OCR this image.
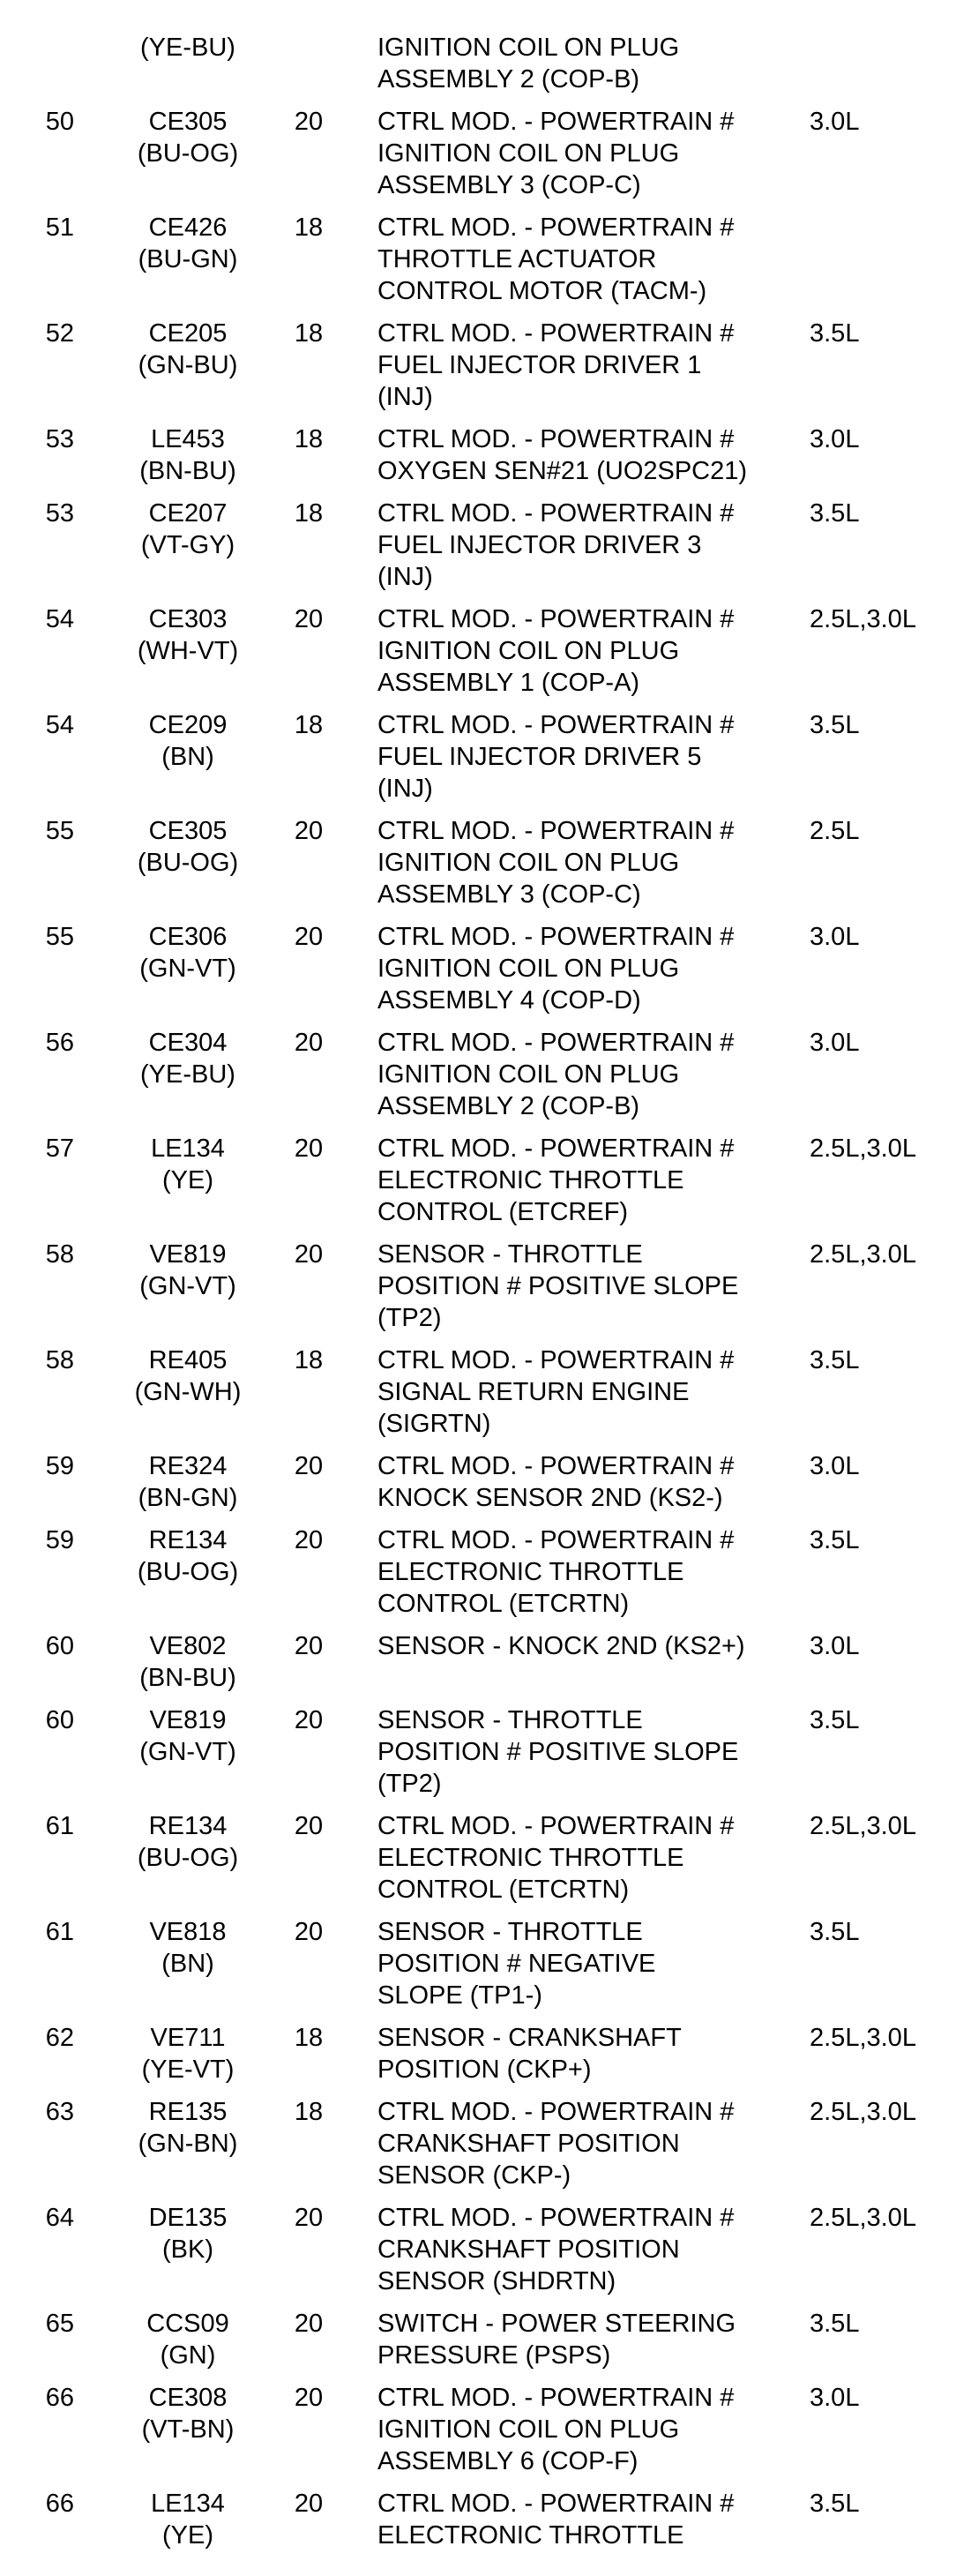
(YE-BU)	IGNITION COIL ON PLUG
ASSEMBLY 2 (COP-B)
50	CE305
(BU-OG)
20	CTRL MOD. - POWERTRAIN #
IGNITION COIL ON PLUG
ASSEMBLY 3 (COP-C)
3.0L
51	CE426
(BU-GN)
18	CTRL MOD. - POWERTRAIN #
THROTTLE ACTUATOR
CONTROL MOTOR (TACM-)
52	CE205
(GN-BU)
18	CTRL MOD. - POWERTRAIN #
FUEL INJECTOR DRIVER 1
(INJ)
3.5L
53	LE453
(BN-BU)
18	CTRL MOD. - POWERTRAIN #
OXYGEN SEN#21 (UO2SPC21)
3.0L
53	CE207
(VT-GY)
18	CTRL MOD. - POWERTRAIN #
FUEL INJECTOR DRIVER 3
(INJ)
3.5L
54	CE303
(WH-VT)
20	CTRL MOD. - POWERTRAIN #
IGNITION COIL ON PLUG
ASSEMBLY 1 (COP-A)
2.5L,3.0L
54	CE209
(BN)
18	CTRL MOD. - POWERTRAIN #
FUEL INJECTOR DRIVER 5
(INJ)
3.5L
55	CE305
(BU-OG)
20	CTRL MOD. - POWERTRAIN #
IGNITION COIL ON PLUG
ASSEMBLY 3 (COP-C)
2.5L
55	CE306
(GN-VT)
20	CTRL MOD. - POWERTRAIN #
IGNITION COIL ON PLUG
ASSEMBLY 4 (COP-D)
3.0L
56	CE304
(YE-BU)
20	CTRL MOD. - POWERTRAIN #
IGNITION COIL ON PLUG
ASSEMBLY 2 (COP-B)
3.0L
57	LE134
(YE)
20	CTRL MOD. - POWERTRAIN #
ELECTRONIC THROTTLE
CONTROL (ETCREF)
2.5L,3.0L
58	VE819
(GN-VT)
20	SENSOR - THROTTLE
POSITION # POSITIVE SLOPE
(TP2)
2.5L,3.0L
58	RE405
(GN-WH)
18	CTRL MOD. - POWERTRAIN #
SIGNAL RETURN ENGINE
(SIGRTN)
3.5L
59	RE324
(BN-GN)
20	CTRL MOD. - POWERTRAIN #
KNOCK SENSOR 2ND (KS2-)
3.0L
59	RE134
(BU-OG)
20	CTRL MOD. - POWERTRAIN #
ELECTRONIC THROTTLE
CONTROL (ETCRTN)
3.5L
60	VE802
(BN-BU)
20	SENSOR - KNOCK 2ND (KS2+)	3.0L
60	VE819
(GN-VT)
20	SENSOR - THROTTLE
POSITION # POSITIVE SLOPE
(TP2)
3.5L
61	RE134
(BU-OG)
20	CTRL MOD. - POWERTRAIN #
ELECTRONIC THROTTLE
CONTROL (ETCRTN)
2.5L,3.0L
61	VE818
(BN)
20	SENSOR - THROTTLE
POSITION # NEGATIVE
SLOPE (TP1-)
3.5L
62	VE711
(YE-VT)
18	SENSOR - CRANKSHAFT
POSITION (CKP+)
2.5L,3.0L
63	RE135
(GN-BN)
18	CTRL MOD. - POWERTRAIN #
CRANKSHAFT POSITION
SENSOR (CKP-)
2.5L,3.0L
64	DE135
(BK)
20	CTRL MOD. - POWERTRAIN #
CRANKSHAFT POSITION
SENSOR (SHDRTN)
2.5L,3.0L
65	CCS09
(GN)
20	SWITCH - POWER STEERING
PRESSURE (PSPS)
3.5L
66	CE308
(VT-BN)
20	CTRL MOD. - POWERTRAIN #
IGNITION COIL ON PLUG
ASSEMBLY 6 (COP-F)
3.0L
66	LE134
(YE)
20	CTRL MOD. - POWERTRAIN #
ELECTRONIC THROTTLE
3.5L
